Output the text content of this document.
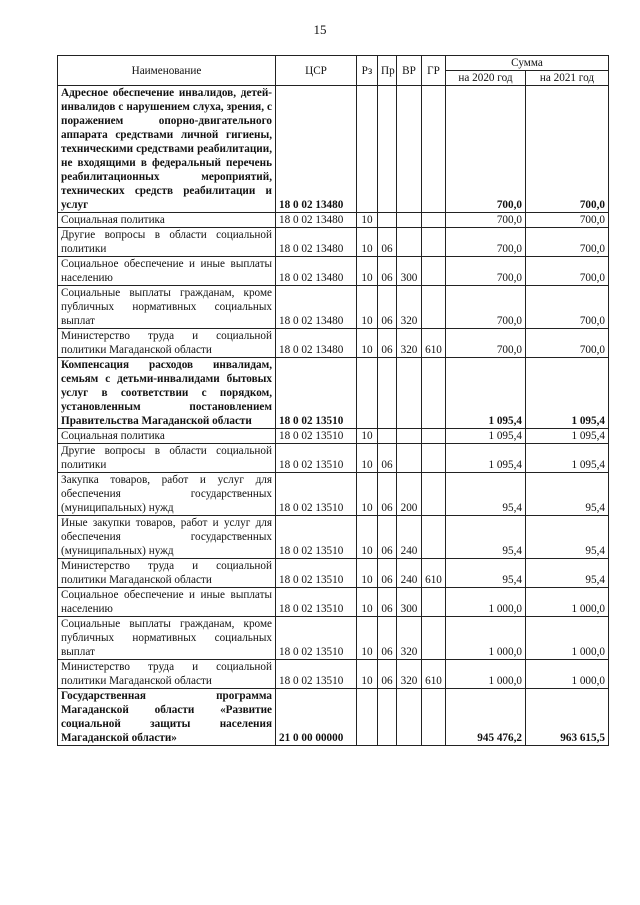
15
Наименование	ЦСР	Рз	Пр	ВР	ГР	Сумма	
						на 2020 год	на 2021 год
Адресное обеспечение инвалидов, детей-инвалидов с нарушением слуха, зрения, с поражением опорно-двигательного аппарата средствами личной гигиены, техническими средствами реабилитации, не входящими в федеральный перечень реабилитационных мероприятий, технических средств реабилитации и услуг	18 0 02 13480					700,0	700,0
Социальная политика	18 0 02 13480	10				700,0	700,0
Другие вопросы в области социальной политики	18 0 02 13480	10	06			700,0	700,0
Социальное обеспечение и иные выплаты населению	18 0 02 13480	10	06	300		700,0	700,0
Социальные выплаты гражданам, кроме публичных нормативных социальных выплат	18 0 02 13480	10	06	320		700,0	700,0
Министерство труда и социальной политики Магаданской области	18 0 02 13480	10	06	320	610	700,0	700,0
Компенсация расходов инвалидам, семьям с детьми-инвалидами бытовых услуг в соответствии с порядком, установленным постановлением Правительства Магаданской области	18 0 02 13510					1 095,4	1 095,4
Социальная политика	18 0 02 13510	10				1 095,4	1 095,4
Другие вопросы в области социальной политики	18 0 02 13510	10	06			1 095,4	1 095,4
Закупка товаров, работ и услуг для обеспечения государственных (муниципальных) нужд	18 0 02 13510	10	06	200		95,4	95,4
Иные закупки товаров, работ и услуг для обеспечения государственных (муниципальных) нужд	18 0 02 13510	10	06	240		95,4	95,4
Министерство труда и социальной политики Магаданской области	18 0 02 13510	10	06	240	610	95,4	95,4
Социальное обеспечение и иные выплаты населению	18 0 02 13510	10	06	300		1 000,0	1 000,0
Социальные выплаты гражданам, кроме публичных нормативных социальных выплат	18 0 02 13510	10	06	320		1 000,0	1 000,0
Министерство труда и социальной политики Магаданской области	18 0 02 13510	10	06	320	610	1 000,0	1 000,0
Государственная программа Магаданской области «Развитие социальной защиты населения Магаданской области»	21 0 00 00000					945 476,2	963 615,5
